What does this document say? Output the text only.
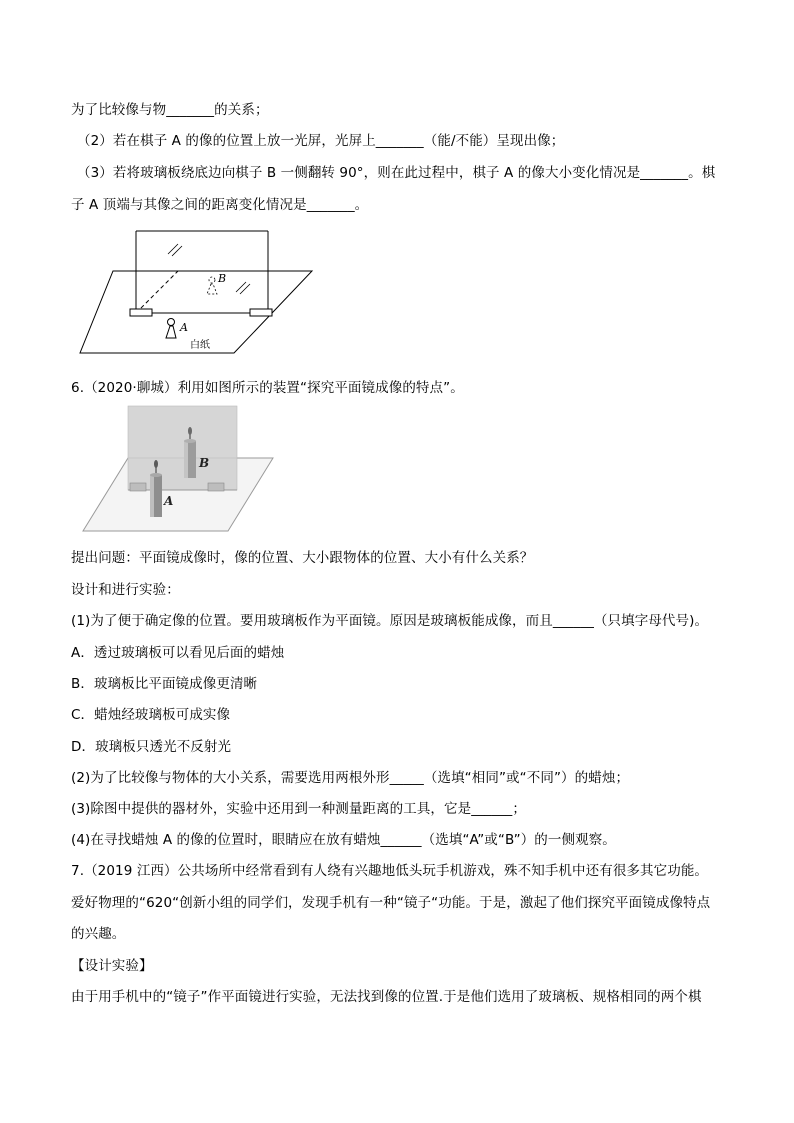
为了比较像与物_______的关系；
（2）若在棋子 A 的像的位置上放一光屏，光屏上_______（能/不能）呈现出像；
（3）若将玻璃板绕底边向棋子 B 一侧翻转 90°，则在此过程中，棋子 A 的像大小变化情况是_______。棋
子 A 顶端与其像之间的距离变化情况是_______。
B
A
白纸
6.（2020·聊城）利用如图所示的装置“探究平面镜成像的特点”。
B
A
提出问题：平面镜成像时，像的位置、大小跟物体的位置、大小有什么关系？
设计和进行实验：
(1)为了便于确定像的位置。要用玻璃板作为平面镜。原因是玻璃板能成像，而且______（只填字母代号)。
A．透过玻璃板可以看见后面的蜡烛
B．玻璃板比平面镜成像更清晰
C．蜡烛经玻璃板可成实像
D．玻璃板只透光不反射光
(2)为了比较像与物体的大小关系，需要选用两根外形_____（选填“相同”或“不同”）的蜡烛；
(3)除图中提供的器材外，实验中还用到一种测量距离的工具，它是______；
(4)在寻找蜡烛 A 的像的位置时，眼睛应在放有蜡烛______（选填“A”或“B”）的一侧观察。
7.（2019 江西）公共场所中经常看到有人绕有兴趣地低头玩手机游戏，殊不知手机中还有很多其它功能。
爱好物理的“620“创新小组的同学们，发现手机有一种“镜子“功能。于是，激起了他们探究平面镜成像特点
的兴趣。
【设计实验】
由于用手机中的“镜子”作平面镜进行实验，无法找到像的位置.于是他们选用了玻璃板、规格相同的两个棋
